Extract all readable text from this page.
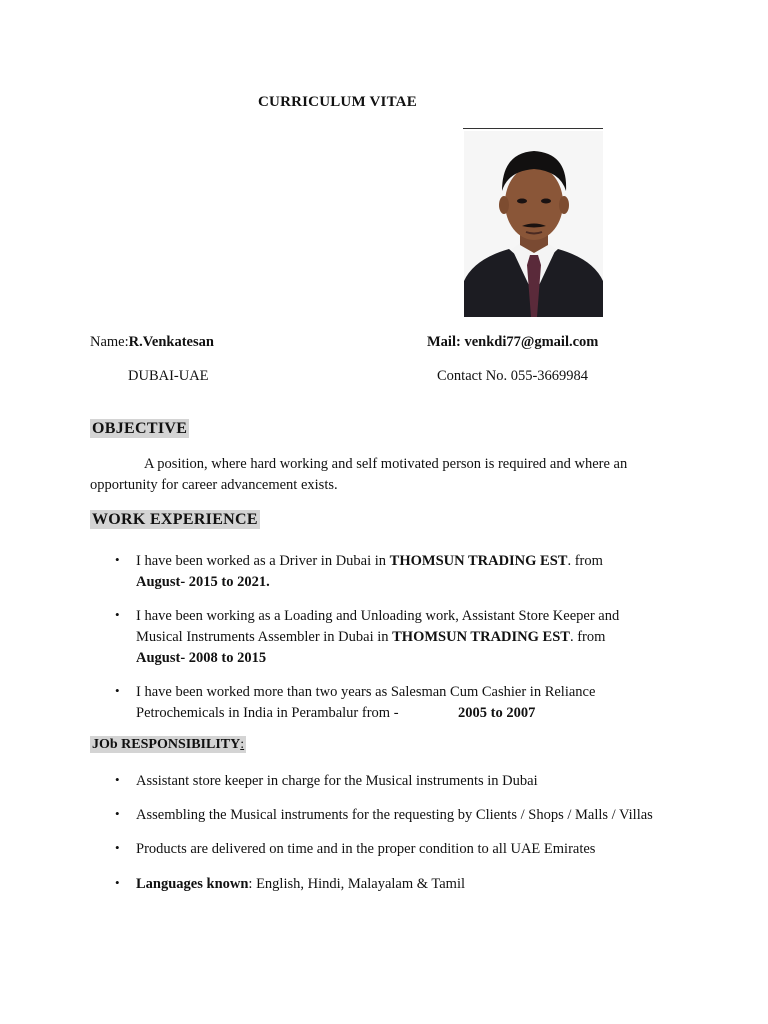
CURRICULUM VITAE
Name:R.Venkatesan	Mail: venkdi77@gmail.com
DUBAI-UAE	Contact No. 055-3669984
OBJECTIVE
A position, where hard working and self motivated person is required and where an
opportunity for career advancement exists.
WORK EXPERIENCE
• I have been worked as a Driver in Dubai in THOMSUN TRADING EST. from
August- 2015 to 2021.
• I have been working as a Loading and Unloading work, Assistant Store Keeper and
Musical Instruments Assembler in Dubai in THOMSUN TRADING EST. from
August- 2008 to 2015
• I have been worked more than two years as Salesman Cum Cashier in Reliance
Petrochemicals in India in Perambalur from -	2005 to 2007
JOb RESPONSIBILITY:
• Assistant store keeper in charge for the Musical instruments in Dubai
• Assembling the Musical instruments for the requesting by Clients / Shops / Malls / Villas
• Products are delivered on time and in the proper condition to all UAE Emirates
• Languages known: English, Hindi, Malayalam & Tamil
